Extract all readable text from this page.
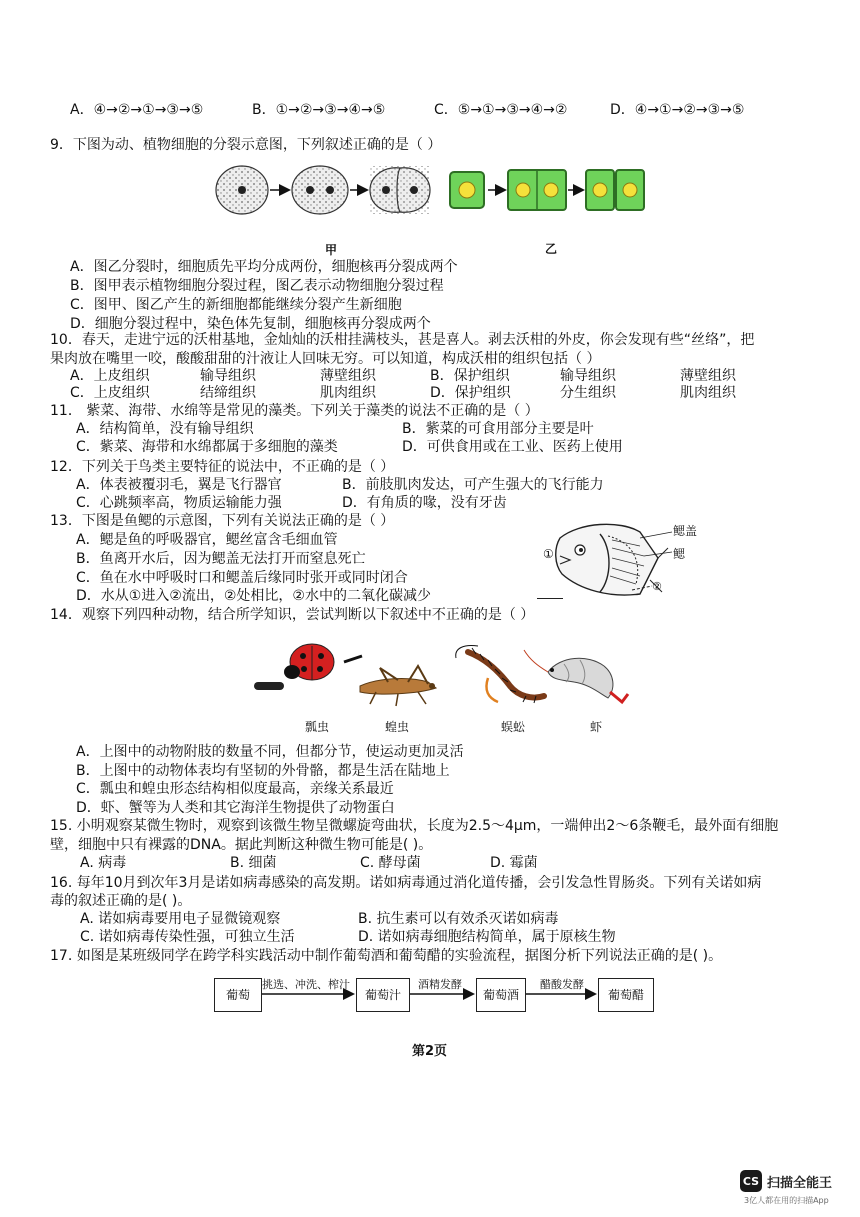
A．④→②→①→③→⑤	B．①→②→③→④→⑤	C．⑤→①→③→④→②	D．④→①→②→③→⑤
9．下图为动、植物细胞的分裂示意图，下列叙述正确的是（ ）
甲	乙
A．图乙分裂时，细胞质先平均分成两份，细胞核再分裂成两个
B．图甲表示植物细胞分裂过程，图乙表示动物细胞分裂过程
C．图甲、图乙产生的新细胞都能继续分裂产生新细胞
D．细胞分裂过程中，染色体先复制，细胞核再分裂成两个
10．春天，走进宁远的沃柑基地，金灿灿的沃柑挂满枝头，甚是喜人。剥去沃柑的外皮，你会发现有些“丝络”，把
果肉放在嘴里一咬，酸酸甜甜的汁液让人回味无穷。可以知道，构成沃柑的组织包括（ ）
A．上皮组织	输导组织	薄壁组织	B．保护组织	输导组织	薄壁组织
C．上皮组织	结缔组织	肌肉组织	D．保护组织	分生组织	肌肉组织
11． 紫菜、海带、水绵等是常见的藻类。下列关于藻类的说法不正确的是（ ）
A．结构简单，没有输导组织	B．紫菜的可食用部分主要是叶
C．紫菜、海带和水绵都属于多细胞的藻类	D．可供食用或在工业、医药上使用
12．下列关于鸟类主要特征的说法中，不正确的是（ ）
A．体表被覆羽毛，翼是飞行器官	B．前肢肌肉发达，可产生强大的飞行能力
C．心跳频率高，物质运输能力强	D．有角质的喙，没有牙齿
13．下图是鱼鳃的示意图，下列有关说法正确的是（ ）
A．鳃是鱼的呼吸器官，鳃丝富含毛细血管
B．鱼离开水后，因为鳃盖无法打开而窒息死亡
C．鱼在水中呼吸时口和鳃盖后缘同时张开或同时闭合
D．水从①进入②流出，②处相比，②水中的二氧化碳减少
鳃盖
鳃
①
②
14．观察下列四种动物，结合所学知识，尝试判断以下叙述中不正确的是（ ）
瓢虫	蝗虫	蜈蚣	虾
A．上图中的动物附肢的数量不同，但都分节，使运动更加灵活
B．上图中的动物体表均有坚韧的外骨骼，都是生活在陆地上
C．瓢虫和蝗虫形态结构相似度最高，亲缘关系最近
D．虾、蟹等为人类和其它海洋生物提供了动物蛋白
15. 小明观察某微生物时，观察到该微生物呈微螺旋弯曲状，长度为2.5～4μm，一端伸出2～6条鞭毛，最外面有细胞
壁，细胞中只有裸露的DNA。据此判断这种微生物可能是( )。
A. 病毒	B. 细菌	C. 酵母菌	D. 霉菌
16. 每年10月到次年3月是诺如病毒感染的高发期。诺如病毒通过消化道传播，会引发急性胃肠炎。下列有关诺如病
毒的叙述正确的是( )。
A. 诺如病毒要用电子显微镜观察	B. 抗生素可以有效杀灭诺如病毒
C. 诺如病毒传染性强，可独立生活	D. 诺如病毒细胞结构简单，属于原核生物
17. 如图是某班级同学在跨学科实践活动中制作葡萄酒和葡萄醋的实验流程，据图分析下列说法正确的是( )。
葡萄	葡萄汁	葡萄酒	葡萄醋
挑选、冲洗、榨汁	酒精发酵	醋酸发酵
第2页
CS 扫描全能王
3亿人都在用的扫描App
